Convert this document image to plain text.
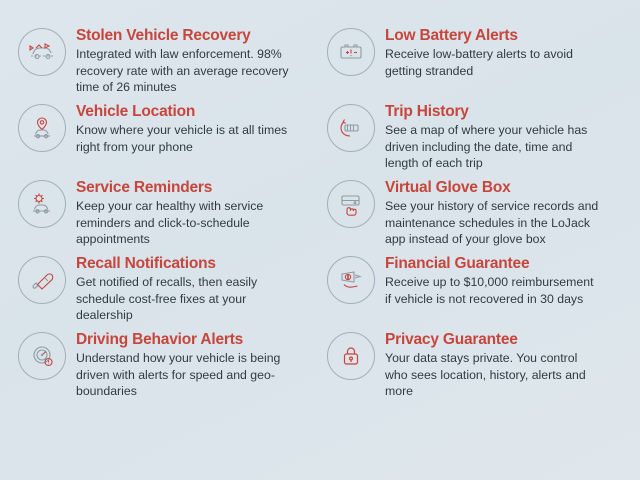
Stolen Vehicle Recovery

Integrated with law enforcement. 98% recovery rate with an average recovery time of 26 minutes

Low Battery Alerts

Receive low-battery alerts to avoid getting stranded

Vehicle Location

Know where your vehicle is at all times right from your phone

Trip History

See a map of where your vehicle has driven including the date, time and length of each trip

Service Reminders

Keep your car healthy with service reminders and click-to-schedule appointments

Virtual Glove Box

See your history of service records and maintenance schedules in the LoJack app instead of your glove box

Recall Notifications

Get notified of recalls, then easily schedule cost-free fixes at your dealership

Financial Guarantee

Receive up to $10,000 reimbursement if vehicle is not recovered in 30 days

Driving Behavior Alerts

Understand how your vehicle is being driven with alerts for speed and geo-boundaries

Privacy Guarantee

Your data stays private. You control who sees location, history, alerts and more
